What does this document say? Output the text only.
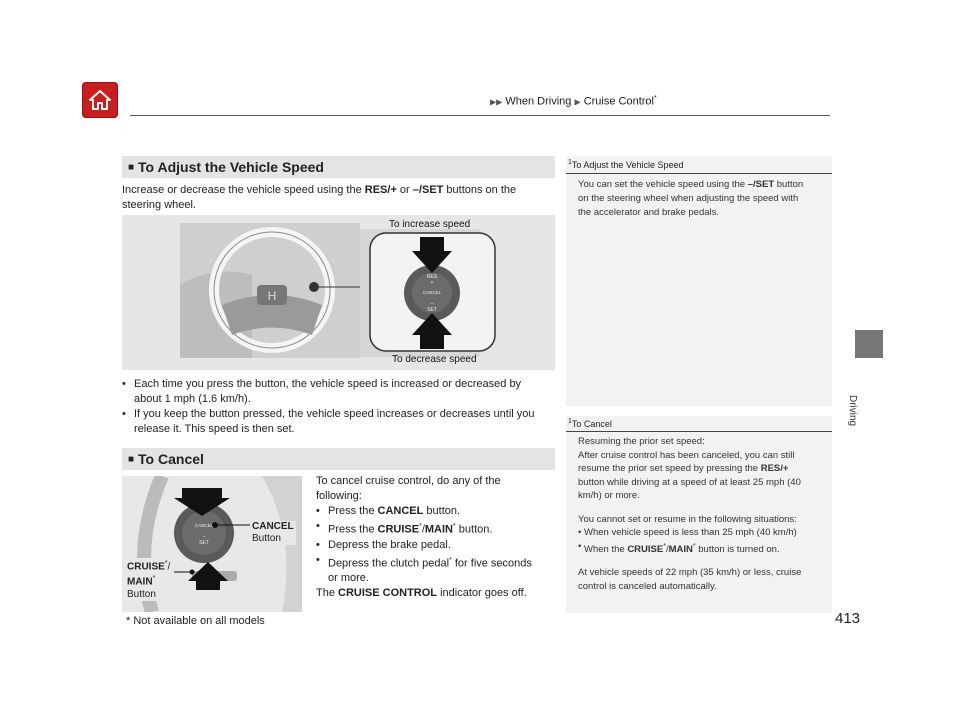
▶▶ When Driving ▶ Cruise Control*
Driving
413
■ To Adjust the Vehicle Speed
Increase or decrease the vehicle speed using the RES/+ or –/SET buttons on the
steering wheel.
H
To increase speed
To decrease speed
RES
+
CANCEL
–
SET
• Each time you press the button, the vehicle speed is increased or decreased by
about 1 mph (1.6 km/h).
• If you keep the button pressed, the vehicle speed increases or decreases until you
release it. This speed is then set.
$^1$To Adjust the Vehicle Speed
You can set the vehicle speed using the –/SET button
on the steering wheel when adjusting the speed with
the accelerator and brake pedals.
■ To Cancel
CANCEL
–
SET
CANCEL
Button
CRUISE*/
MAIN*
Button
To cancel cruise control, do any of the
following:
• Press the CANCEL button.
• Press the CRUISE*/MAIN* button.
• Depress the brake pedal.
• Depress the clutch pedal* for five seconds
or more.
The CRUISE CONTROL indicator goes off.
$^1$To Cancel
Resuming the prior set speed:
After cruise control has been canceled, you can still
resume the prior set speed by pressing the RES/+
button while driving at a speed of at least 25 mph (40
km/h) or more.
You cannot set or resume in the following situations:
• When vehicle speed is less than 25 mph (40 km/h)
• When the CRUISE*/MAIN* button is turned on.
At vehicle speeds of 22 mph (35 km/h) or less, cruise
control is canceled automatically.
* Not available on all models
